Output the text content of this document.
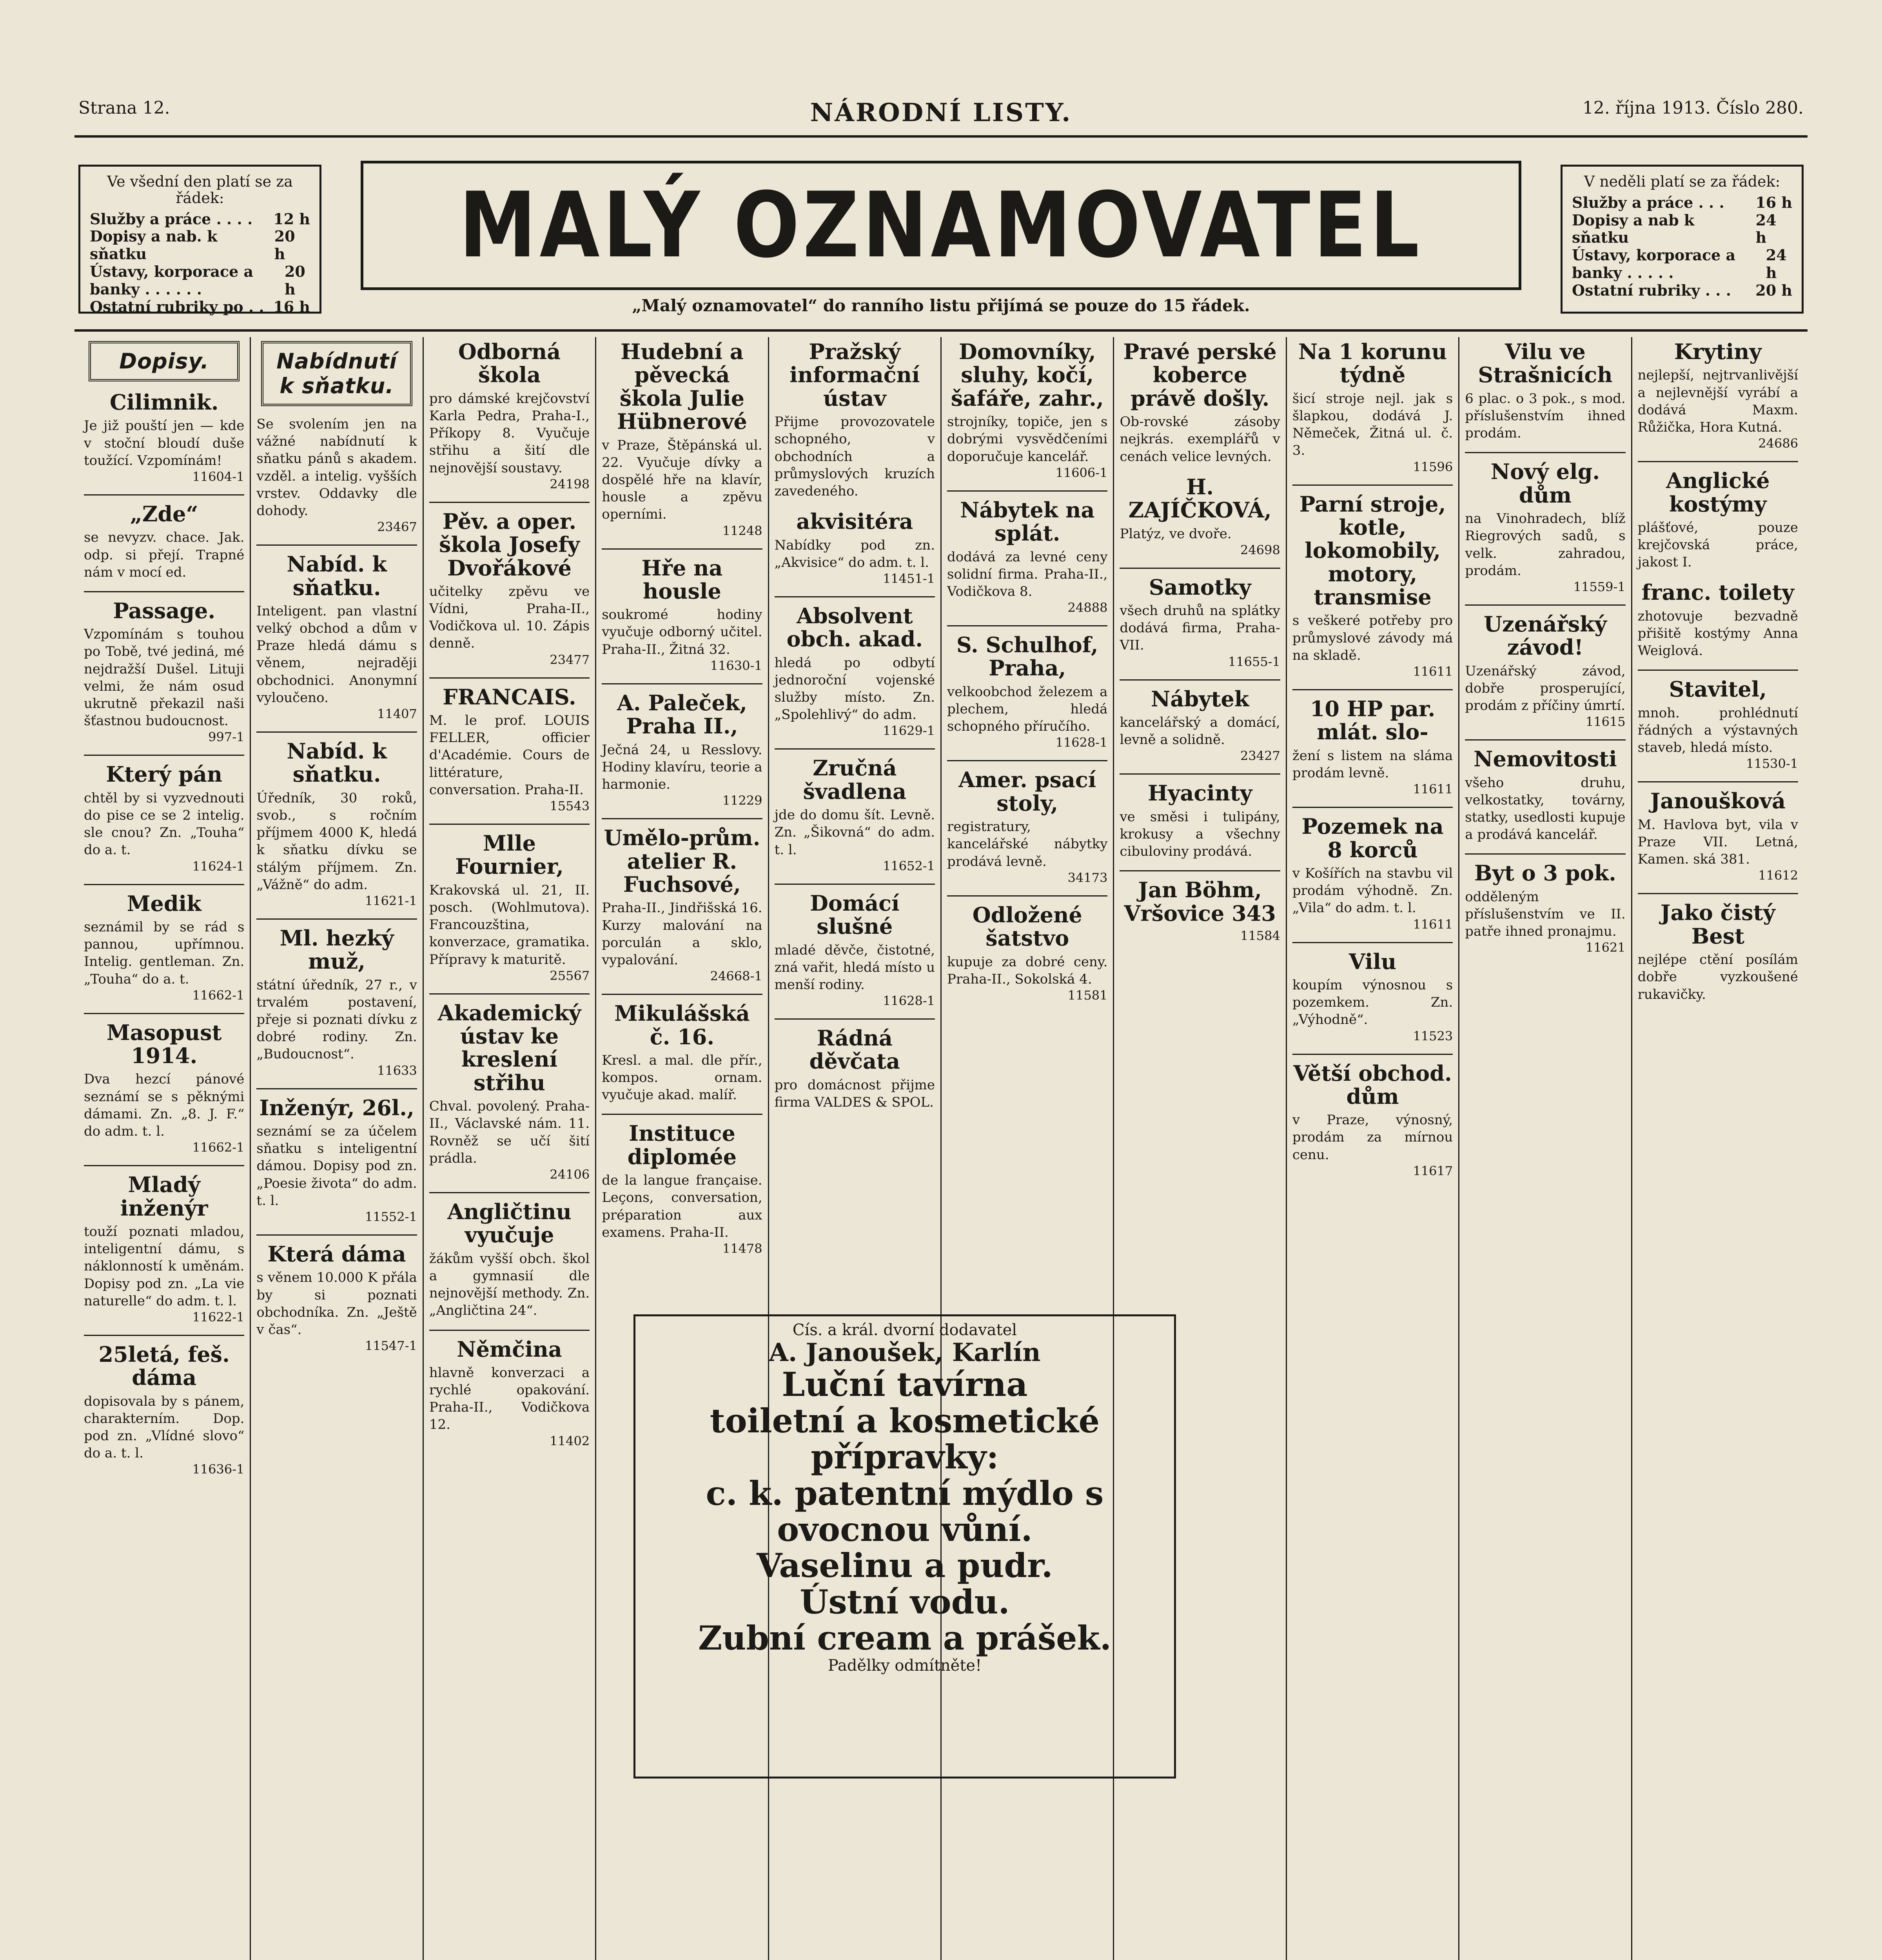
Strana 12.	NÁRODNÍ LISTY.	12. října 1913. Číslo 280.
Ve všední den platí se za řádek:
Služby a práce . . . . 12 h
Dopisy a nab. k sňatku
20 h
Ústavy, korporace a banky . . . . . .
20 h
Ostatní rubriky po . . 16 h
MALÝ OZNAMOVATEL
„Malý oznamovatel“ do ranního listu přijímá se pouze do 15 řádek.
V neděli platí se za řádek:
Služby a práce . . . 16 h
Dopisy a nab k sňatku
24 h
Ústavy, korporace a banky . . . . .
24 h
Ostatní rubriky . . . 20 h
Dopisy.
Cilimnik.
Je již pouští jen — kde v stoční bloudí duše toužící. Vzpomínám!
11604-1
„Zde“
se nevyzv. chace. Jak. odp. si přejí. Trapné nám v mocí ed.
Passage.
Vzpomínám s touhou po Tobě, tvé jediná, mé nejdražší Dušel. Lituji velmi, že nám osud ukrutně překazil naši šťastnou budoucnost.
997-1
Který pán
chtěl by si vyzvednouti do pise ce se 2 intelig. sle cnou? Zn. „Touha“ do a. t.
11624-1
Medik
seznámil by se rád s pannou, upřímnou. Intelig. gentleman. Zn. „Touha“ do a. t.
11662-1
Masopust 1914.
Dva hezcí pánové seznámí se s pěknými dámami. Zn. „8. J. F.“ do adm. t. l.
11662-1
Mladý inženýr
touží poznati mladou, inteligentní dámu, s náklonností k uměnám. Dopisy pod zn. „La vie naturelle“ do adm. t. l.
11622-1
25letá, feš. dáma
dopisovala by s pánem, charakterním. Dop. pod zn. „Vlídné slovo“ do a. t. l.
11636-1
Nabídnutí k sňatku.
Se svolením jen na vážné nabídnutí k sňatku pánů s akadem. vzděl. a intelig. vyšších vrstev. Oddavky dle dohody.
23467
Nabíd. k sňatku.
Inteligent. pan vlastní velký obchod a dům v Praze hledá dámu s věnem, nejraději obchodnici. Anonymní vyloučeno.
11407
Nabíd. k sňatku.
Úředník, 30 roků, svob., s ročním příjmem 4000 K, hledá k sňatku dívku se stálým příjmem. Zn. „Vážně“ do adm.
11621-1
Ml. hezký muž,
státní úředník, 27 r., v trvalém postavení, přeje si poznati dívku z dobré rodiny. Zn. „Budoucnost“.
11633
Inženýr, 26l.,
seznámí se za účelem sňatku s inteligentní dámou. Dopisy pod zn. „Poesie života“ do adm. t. l.
11552-1
Která dáma
s věnem 10.000 K přála by si poznati obchodníka. Zn. „Ještě v čas“.
11547-1
Odborná škola
pro dámské krejčovství Karla Pedra, Praha-I., Příkopy 8. Vyučuje střihu a šití dle nejnovější soustavy.
24198
Pěv. a oper. škola Josefy Dvořákové
učitelky zpěvu ve Vídni, Praha-II., Vodičkova ul. 10. Zápis denně.
23477
FRANCAIS.
M. le prof. LOUIS FELLER, officier d'Académie. Cours de littérature, conversation. Praha-II.
15543
Mlle Fournier,
Krakovská ul. 21, II. posch. (Wohlmutova). Francouzština, konverzace, gramatika. Přípravy k maturitě.
25567
Akademický ústav ke kreslení střihu
Chval. povolený. Praha-II., Václavské nám. 11. Rovněž se učí šití prádla.
24106
Angličtinu vyučuje
žákům vyšší obch. škol a gymnasií dle nejnovější methody. Zn. „Angličtina 24“.
Němčina
hlavně konverzaci a rychlé opakování. Praha-II., Vodičkova 12.
11402
Hudební a pěvecká škola Julie Hübnerové
v Praze, Štěpánská ul. 22. Vyučuje dívky a dospělé hře na klavír, housle a zpěvu operními.
11248
Hře na housle
soukromé hodiny vyučuje odborný učitel. Praha-II., Žitná 32.
11630-1
A. Paleček, Praha II.,
Ječná 24, u Resslovy. Hodiny klavíru, teorie a harmonie.
11229
Umělo-prům. atelier R. Fuchsové,
Praha-II., Jindřišská 16. Kurzy malování na porculán a sklo, vypalování.
24668-1
Mikulášská č. 16.
Kresl. a mal. dle přír., kompos. ornam. vyučuje akad. malíř.
Instituce diplomée
de la langue française. Leçons, conversation, préparation aux examens. Praha-II.
11478
Pražský informační ústav
Přijme provozovatele schopného, v obchodních a průmyslových kruzích zavedeného.
akvisitéra
Nabídky pod zn. „Akvisice“ do adm. t. l.
11451-1
Absolvent obch. akad.
hledá po odbytí jednoroční vojenské služby místo. Zn. „Spolehlivý“ do adm.
11629-1
Zručná švadlena
jde do domu šít. Levně. Zn. „Šikovná“ do adm. t. l.
11652-1
Domácí slušné
mladé děvče, čistotné, zná vařit, hledá místo u menší rodiny.
11628-1
Rádná děvčata
pro domácnost přijme firma VALDES & SPOL.
Domovníky, sluhy, kočí, šafáře, zahr.,
strojníky, topiče, jen s dobrými vysvědčeními doporučuje kancelář.
11606-1
Nábytek na splát.
dodává za levné ceny solidní firma. Praha-II., Vodičkova 8.
24888
S. Schulhof, Praha,
velkoobchod železem a plechem, hledá schopného příručího.
11628-1
Amer. psací stoly,
registratury, kancelářské nábytky prodává levně.
34173
Odložené šatstvo
kupuje za dobré ceny. Praha-II., Sokolská 4.
11581
Pravé perské koberce právě došly.
Ob-rovské zásoby nejkrás. exemplářů v cenách velice levných.
H. ZAJÍČKOVÁ,
Platýz, ve dvoře.
24698
Samotky
všech druhů na splátky dodává firma, Praha-VII.
11655-1
Nábytek
kancelářský a domácí, levně a solidně.
23427
Hyacinty
ve směsi i tulipány, krokusy a všechny cibuloviny prodává.
Jan Böhm, Vršovice 343
11584
Na 1 korunu týdně
šicí stroje nejl. jak s šlapkou, dodává J. Němeček, Žitná ul. č. 3.
11596
Parní stroje, kotle, lokomobily, motory, transmise
s veškeré potřeby pro průmyslové závody má na skladě.
11611
10 HP par. mlát. slo-
žení s listem na sláma prodám levně.
11611
Pozemek na 8 korců
v Košířích na stavbu vil prodám výhodně. Zn. „Vila“ do adm. t. l.
11611
Vilu
koupím výnosnou s pozemkem. Zn. „Výhodně“.
11523
Větší obchod. dům
v Praze, výnosný, prodám za mírnou cenu.
11617
Vilu ve Strašnicích
6 plac. o 3 pok., s mod. příslušenstvím ihned prodám.
Nový elg. dům
na Vinohradech, blíž Riegrových sadů, s velk. zahradou, prodám.
11559-1
Uzenářský závod!
Uzenářský závod, dobře prosperující, prodám z příčiny úmrtí.
11615
Nemovitosti
všeho druhu, velkostatky, továrny, statky, usedlosti kupuje a prodává kancelář.
Byt o 3 pok.
odděleným příslušenstvím ve II. patře ihned pronajmu.
11621
Krytiny
nejlepší, nejtrvanlivější a nejlevnější vyrábí a dodává Maxm. Růžička, Hora Kutná.
24686
Anglické kostýmy
plášťové, pouze krejčovská práce, jakost I.
franc. toilety
zhotovuje bezvadně přišitě kostýmy Anna Weiglová.
Stavitel,
mnoh. prohlédnutí řádných a výstavných staveb, hledá místo.
11530-1
Janoušková
M. Havlova byt, vila v Praze VII. Letná, Kamen. ská 381.
11612
Jako čistý Best
nejlépe ctění posílám dobře vyzkoušené rukavičky.
Cís. a král. dvorní dodavatel
A. Janoušek, Karlín
Luční tavírna
toiletní a kosmetické přípravky:
c. k. patentní mýdlo s ovocnou vůní.
Vaselinu a pudr.
Ústní vodu.
Zubní cream a prášek.
Padělky odmítněte!
